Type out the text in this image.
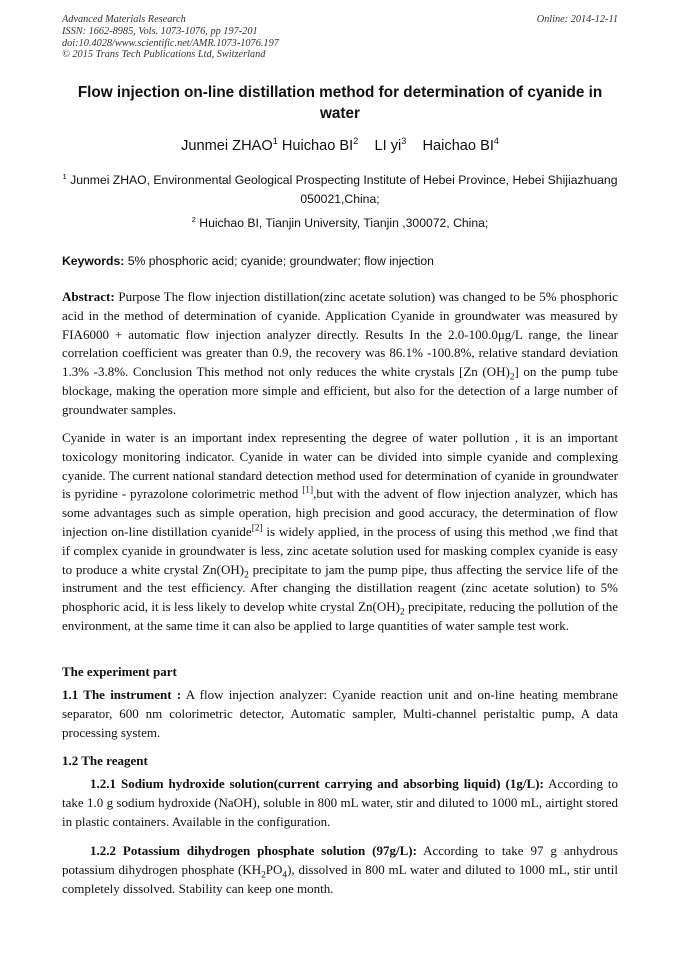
Advanced Materials Research
ISSN: 1662-8985, Vols. 1073-1076, pp 197-201
doi:10.4028/www.scientific.net/AMR.1073-1076.197
© 2015 Trans Tech Publications Ltd, Switzerland
Online: 2014-12-11
Flow injection on-line distillation method for determination of cyanide in water
Junmei ZHAO$^1$ Huichao $BI^2$ LI $yi^3$ Haichao $BI^4$
$^1$ Junmei ZHAO, Environmental Geological Prospecting Institute of Hebei Province, Hebei Shijiazhuang 050021,China;
$^2$ Huichao BI, Tianjin University, Tianjin ,300072, China;
Keywords: 5% phosphoric acid; cyanide; groundwater; flow injection
Abstract: Purpose The flow injection distillation(zinc acetate solution) was changed to be 5% phosphoric acid in the method of determination of cyanide. Application Cyanide in groundwater was measured by FIA6000 + automatic flow injection analyzer directly. Results In the 2.0-100.0μg/L range, the linear correlation coefficient was greater than 0.9, the recovery was 86.1% -100.8%, relative standard deviation 1.3% -3.8%. Conclusion This method not only reduces the white crystals [Zn $(OH)_2$] on the pump tube blockage, making the operation more simple and efficient, but also for the detection of a large number of groundwater samples.
Cyanide in water is an important index representing the degree of water pollution , it is an important toxicology monitoring indicator. Cyanide in water can be divided into simple cyanide and complexing cyanide. The current national standard detection method used for determination of cyanide in groundwater is pyridine - pyrazolone colorimetric method [1],but with the advent of flow injection analyzer, which has some advantages such as simple operation, high precision and good accuracy, the determination of flow injection on-line distillation cyanide[2] is widely applied, in the process of using this method ,we find that if complex cyanide in groundwater is less, zinc acetate solution used for masking complex cyanide is easy to produce a white crystal $Zn(OH)_2$ precipitate to jam the pump pipe, thus affecting the service life of the instrument and the test efficiency. After changing the distillation reagent (zinc acetate solution) to 5% phosphoric acid, it is less likely to develop white crystal $Zn(OH)_2$ precipitate, reducing the pollution of the environment, at the same time it can also be applied to large quantities of water sample test work.
The experiment part
1.1 The instrument : A flow injection analyzer: Cyanide reaction unit and on-line heating membrane separator, 600 nm colorimetric detector, Automatic sampler, Multi-channel peristaltic pump, A data processing system.
1.2 The reagent
1.2.1 Sodium hydroxide solution(current carrying and absorbing liquid) (1g/L): According to take 1.0 g sodium hydroxide (NaOH), soluble in 800 mL water, stir and diluted to 1000 mL, airtight stored in plastic containers. Available in the configuration.
1.2.2 Potassium dihydrogen phosphate solution (97g/L): According to take 97 g anhydrous potassium dihydrogen phosphate $(KH_2PO_4)$, dissolved in 800 mL water and diluted to 1000 mL, stir until completely dissolved. Stability can keep one month.
